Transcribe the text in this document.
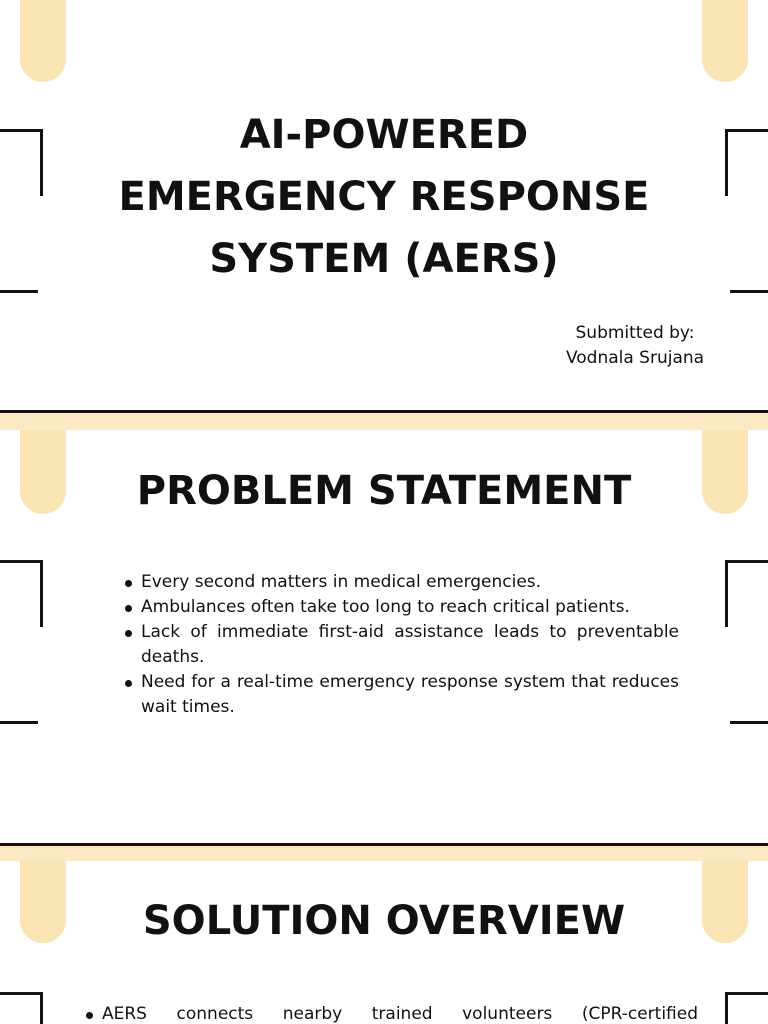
AI-POWERED
EMERGENCY RESPONSE
SYSTEM (AERS)
Submitted by:
Vodnala Srujana
PROBLEM STATEMENT
Every second matters in medical emergencies.
Ambulances often take too long to reach critical patients.
Lack of immediate first-aid assistance leads to preventable deaths.
Need for a real-time emergency response system that reduces wait times.
SOLUTION OVERVIEW
AERS connects nearby trained volunteers (CPR-certified
